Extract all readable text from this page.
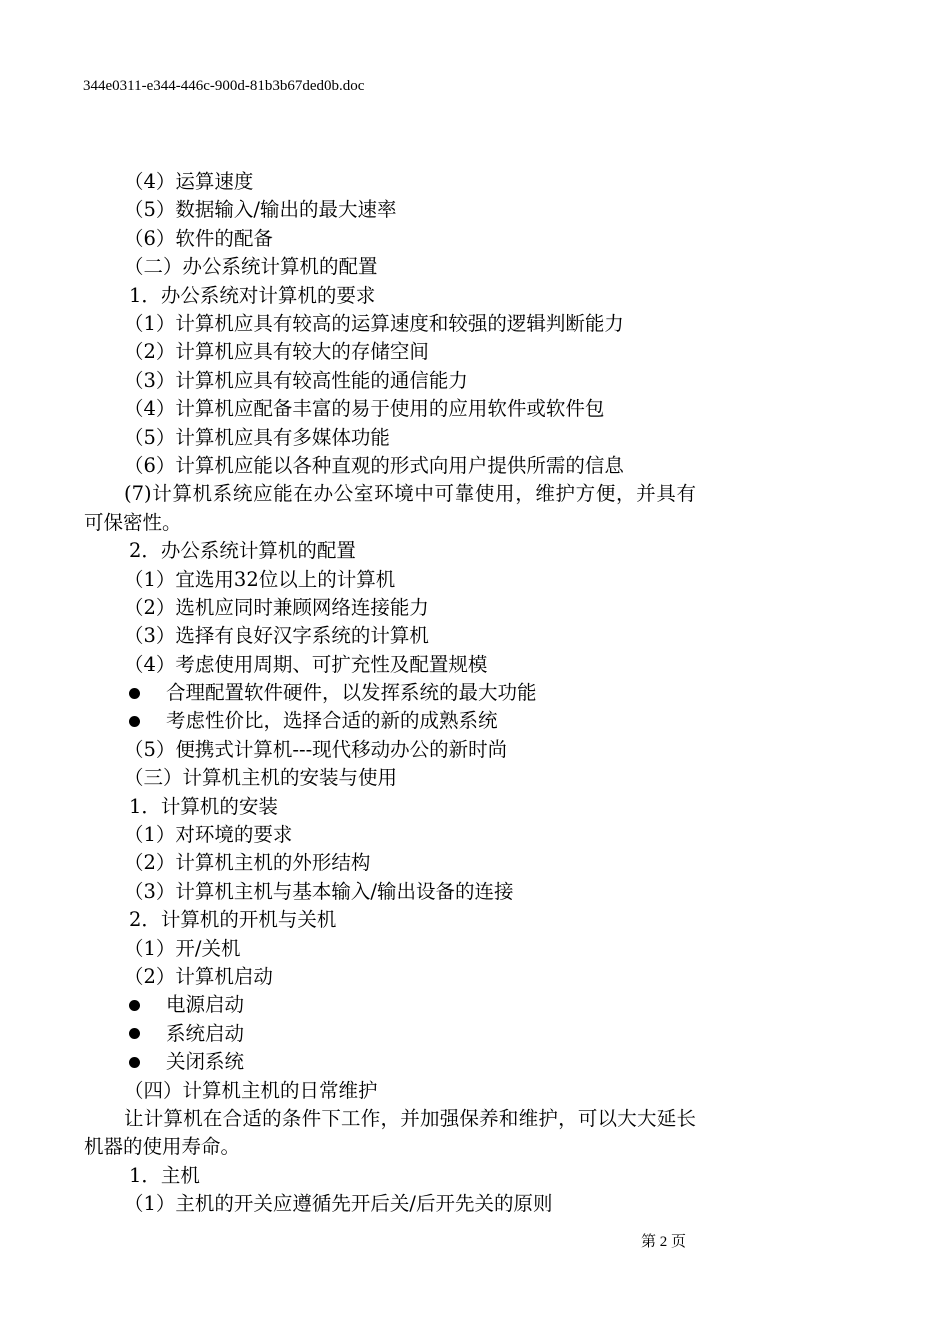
344e0311-e344-446c-900d-81b3b67ded0b.doc
（4）运算速度
（5）数据输入/输出的最大速率
（6）软件的配备
（二）办公系统计算机的配置
1．办公系统对计算机的要求
（1）计算机应具有较高的运算速度和较强的逻辑判断能力
（2）计算机应具有较大的存储空间
（3）计算机应具有较高性能的通信能力
（4）计算机应配备丰富的易于使用的应用软件或软件包
（5）计算机应具有多媒体功能
（6）计算机应能以各种直观的形式向用户提供所需的信息
(7)计算机系统应能在办公室环境中可靠使用，维护方便，并具有可保密性。
2．办公系统计算机的配置
（1）宜选用32位以上的计算机
（2）选机应同时兼顾网络连接能力
（3）选择有良好汉字系统的计算机
（4）考虑使用周期、可扩充性及配置规模
合理配置软件硬件，以发挥系统的最大功能
考虑性价比，选择合适的新的成熟系统
（5）便携式计算机---现代移动办公的新时尚
（三）计算机主机的安装与使用
1．计算机的安装
（1）对环境的要求
（2）计算机主机的外形结构
（3）计算机主机与基本输入/输出设备的连接
2．计算机的开机与关机
（1）开/关机
（2）计算机启动
电源启动
系统启动
关闭系统
（四）计算机主机的日常维护
让计算机在合适的条件下工作，并加强保养和维护，可以大大延长机器的使用寿命。
1．主机
（1）主机的开关应遵循先开后关/后开先关的原则
第 2 页
